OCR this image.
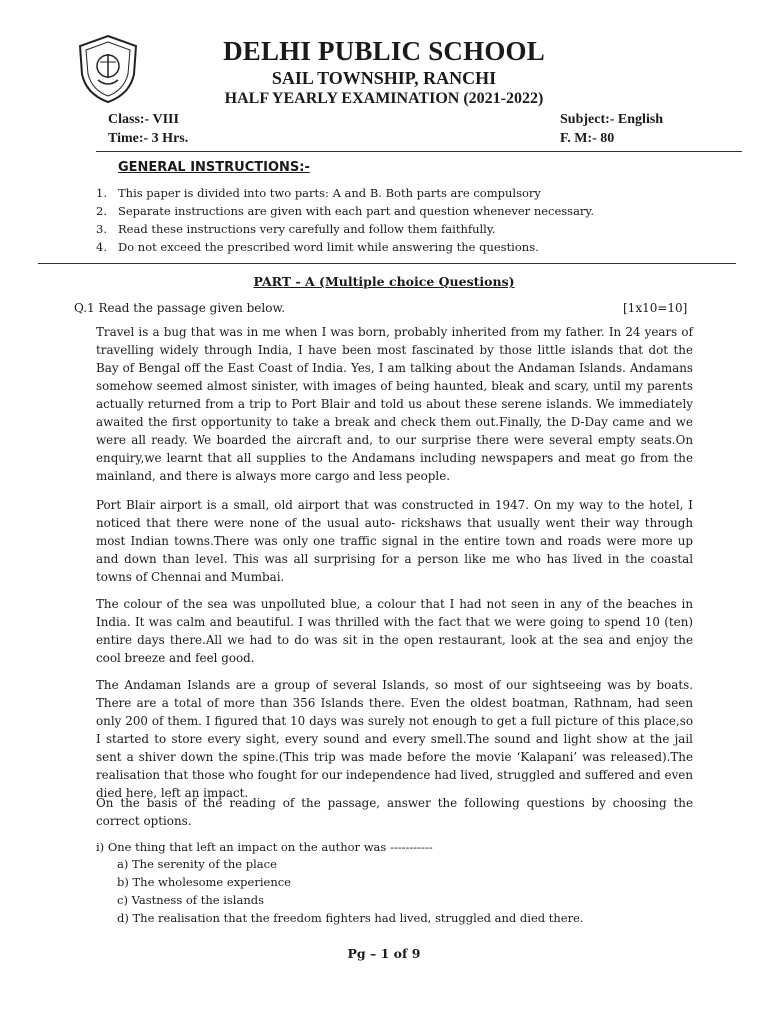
DELHI PUBLIC SCHOOL
SAIL TOWNSHIP, RANCHI
HALF YEARLY EXAMINATION (2021-2022)
Class:- VIII
Time:- 3 Hrs.
Subject:- English
F. M:- 80
GENERAL INSTRUCTIONS:-
1. This paper is divided into two parts: A and B. Both parts are compulsory
2. Separate instructions are given with each part and question whenever necessary.
3. Read these instructions very carefully and follow them faithfully.
4. Do not exceed the prescribed word limit while answering the questions.
PART - A (Multiple choice Questions)
Q.1 Read the passage given below.	[1x10=10]

Travel is a bug that was in me when I was born, probably inherited from my father. In 24 years of travelling widely through India, I have been most fascinated by those little islands that dot the Bay of Bengal off the East Coast of India. Yes, I am talking about the Andaman Islands. Andamans somehow seemed almost sinister, with images of being haunted, bleak and scary, until my parents actually returned from a trip to Port Blair and told us about these serene islands. We immediately awaited the first opportunity to take a break and check them out.Finally, the D-Day came and we were all ready. We boarded the aircraft and, to our surprise there were several empty seats.On enquiry,we learnt that all supplies to the Andamans including newspapers and meat go from the mainland, and there is always more cargo and less people.

Port Blair airport is a small, old airport that was constructed in 1947. On my way to the hotel, I noticed that there were none of the usual auto- rickshaws that usually went their way through most Indian towns.There was only one traffic signal in the entire town and roads were more up and down than level. This was all surprising for a person like me who has lived in the coastal towns of Chennai and Mumbai.

The colour of the sea was unpolluted blue, a colour that I had not seen in any of the beaches in India. It was calm and beautiful. I was thrilled with the fact that we were going to spend 10 (ten) entire days there.All we had to do was sit in the open restaurant, look at the sea and enjoy the cool breeze and feel good.

The Andaman Islands are a group of several Islands, so most of our sightseeing was by boats. There are a total of more than 356 Islands there. Even the oldest boatman, Rathnam, had seen only 200 of them. I figured that 10 days was surely not enough to get a full picture of this place,so I started to store every sight, every sound and every smell.The sound and light show at the jail sent a shiver down the spine.(This trip was made before the movie ‘Kalapani’ was released).The realisation that those who fought for our independence had lived, struggled and suffered and even died here, left an impact.

On the basis of the reading of the passage, answer the following questions by choosing the correct options.

i) One thing that left an impact on the author was -----------
a) The serenity of the place
b) The wholesome experience
c) Vastness of the islands
d) The realisation that the freedom fighters had lived, struggled and died there.
Pg – 1 of 9
